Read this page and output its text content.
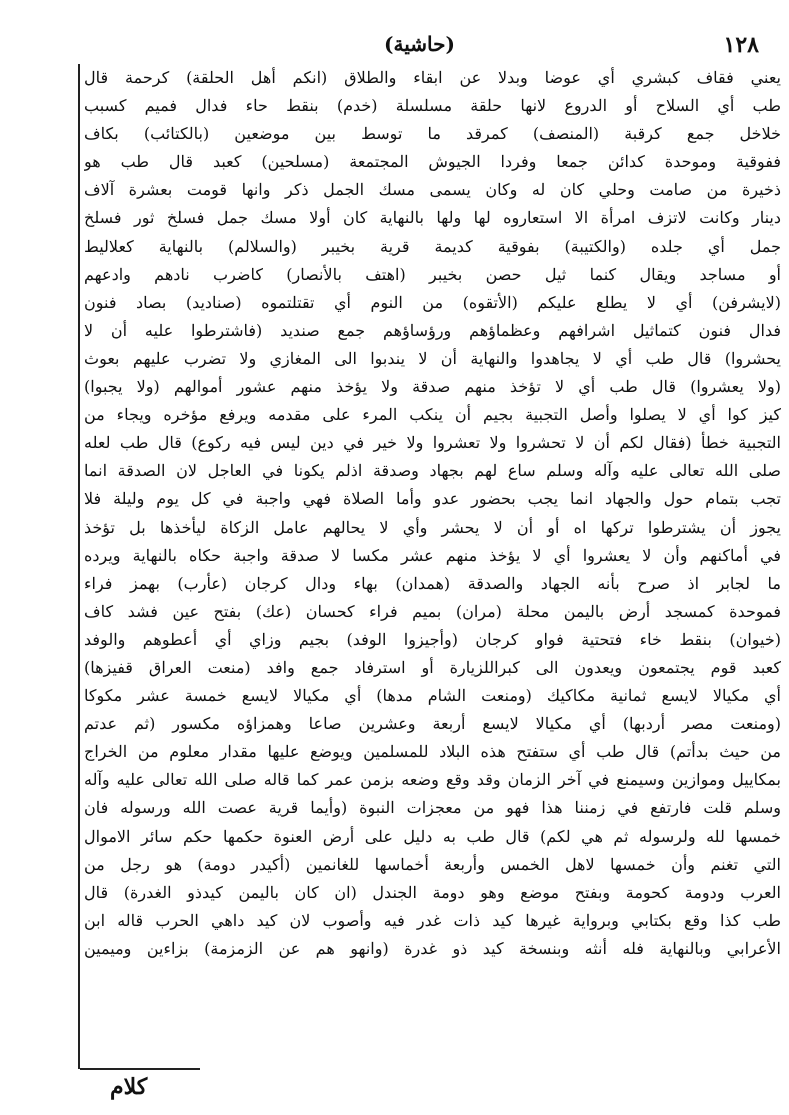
١٢٨
(حاشية)
يعني فقاف كبشري أي عوضا وبدلا عن ابقاء والطلاق (انكم أهل الحلقة) كرحمة قال
طب أي السلاح أو الدروع لانها حلقة مسلسلة (خدم) بنقط حاء فدال فميم كسبب
خلاخل جمع كرقبة (المنصف) كمرقد ما توسط بين موضعين (بالكتائب) بكاف
ففوقية وموحدة كدائن جمعا وفردا الجيوش المجتمعة (مسلحين) كعبد قال طب هو
ذخيرة من صامت وحلي كان له وكان يسمى مسك الجمل ذكر وانها قومت بعشرة آلاف
دينار وكانت لاتزف امرأة الا استعاروه لها ولها بالنهاية كان أولا مسك جمل فسلخ ثور فسلخ
جمل أي جلده (والكتيبة) بفوقية كديمة قرية بخيبر (والسلالم) بالنهاية كعلاليط
أو مساجد ويقال كنما ثيل حصن بخيبر (اهتف بالأنصار) كاضرب نادهم وادعهم
(لايشرفن) أي لا يطلع عليكم (الأتقوه) من النوم أي تقتلتموه (صناديد) بصاد فنون
فدال فنون كتماثيل اشرافهم وعظماؤهم ورؤساؤهم جمع صنديد (فاشترطوا عليه أن لا
يحشروا) قال طب أي لا يجاهدوا والنهاية أن لا يندبوا الى المغازي ولا تضرب عليهم بعوث
(ولا يعشروا) قال طب أي لا تؤخذ منهم صدقة ولا يؤخذ منهم عشور أموالهم (ولا يجبوا)
كيز كوا أي لا يصلوا وأصل التجبية بجيم أن ينكب المرء على مقدمه ويرفع مؤخره ويجاء من
التجبية خطأ (فقال لكم أن لا تحشروا ولا تعشروا ولا خير في دين ليس فيه ركوع) قال طب لعله
صلى الله تعالى عليه وآله وسلم ساع لهم بجهاد وصدقة اذلم يكونا في العاجل لان الصدقة انما
تجب بتمام حول والجهاد انما يجب بحضور عدو وأما الصلاة فهي واجبة في كل يوم وليلة فلا
يجوز أن يشترطوا تركها اه أو أن لا يحشر وأي لا يحالهم عامل الزكاة ليأخذها بل تؤخذ
في أماكنهم وأن لا يعشروا أي لا يؤخذ منهم عشر مكسا لا صدقة واجبة حكاه بالنهاية ويرده
ما لجابر اذ صرح بأنه الجهاد والصدقة (همدان) بهاء ودال كرجان (عأرب) بهمز فراء
فموحدة كمسجد أرض باليمن محلة (مران) بميم فراء كحسان (عك) بفتح عين فشد كاف
(خيوان) بنقط خاء فتحتية فواو كرجان (وأجيزوا الوفد) بجيم وزاي أي أعطوهم والوفد
كعبد قوم يجتمعون ويعدون الى كبراللزيارة أو استرفاد جمع وافد (منعت العراق قفيزها)
أي مكيالا لايسع ثمانية مكاكيك (ومنعت الشام مدها) أي مكيالا لايسع خمسة عشر مكوكا
(ومنعت مصر أردبها) أي مكيالا لايسع أربعة وعشرين صاعا وهمزاؤه مكسور (ثم عدتم
من حيث بدأتم) قال طب أي ستفتح هذه البلاد للمسلمين ويوضع عليها مقدار معلوم من الخراج
بمكاييل وموازين وسيمنع في آخر الزمان وقد وقع وضعه بزمن عمر كما قاله صلى الله تعالى عليه وآله
وسلم قلت فارتفع في زمننا هذا فهو من معجزات النبوة (وأيما قرية عصت الله ورسوله فان
خمسها لله ولرسوله ثم هي لكم) قال طب به دليل على أرض العنوة حكمها حكم سائر الاموال
التي تغنم وأن خمسها لاهل الخمس وأربعة أخماسها للغانمين (أكيدر دومة) هو رجل من
العرب ودومة كحومة وبفتح موضع وهو دومة الجندل (ان كان باليمن كيدذو الغدرة) قال
طب كذا وقع بكتابي وبرواية غيرها كيد ذات غدر فيه وأصوب لان كيد داهي الحرب قاله ابن
الأعرابي وبالنهاية فله أنثه وبنسخة كيد ذو غدرة (وانهو هم عن الزمزمة) بزاءين وميمين
كلام
